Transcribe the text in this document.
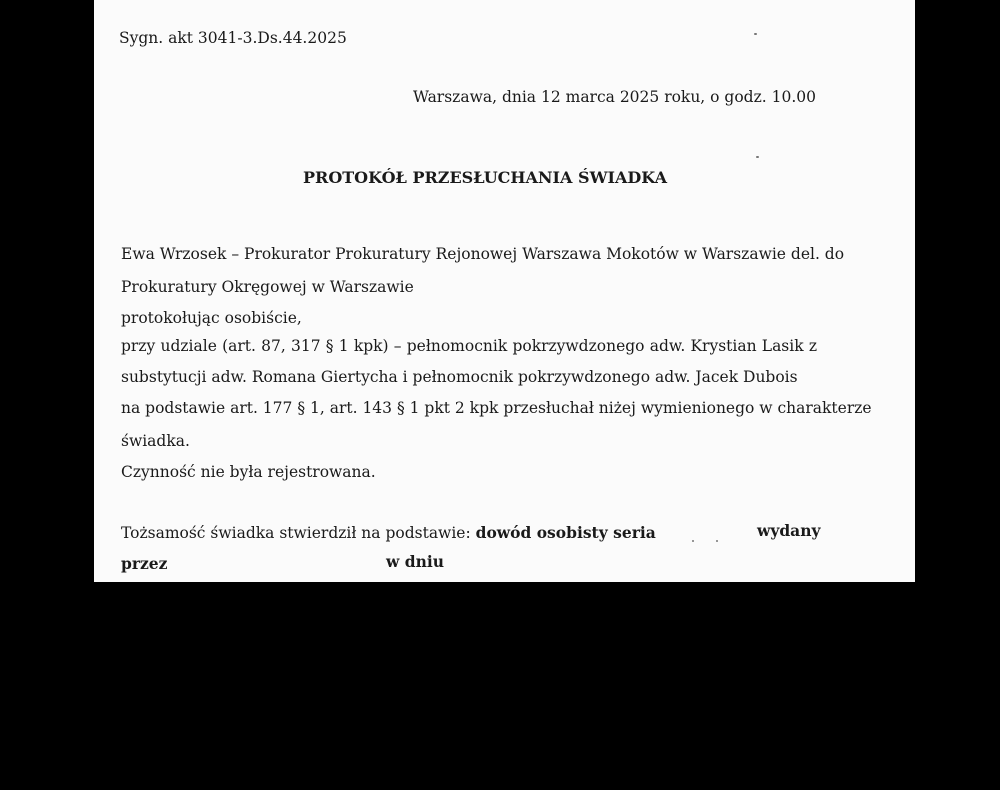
Sygn. akt 3041-3.Ds.44.2025
Warszawa, dnia 12 marca 2025 roku, o godz. 10.00
PROTOKÓŁ PRZESŁUCHANIA ŚWIADKA
Ewa Wrzosek – Prokurator Prokuratury Rejonowej Warszawa Mokotów w Warszawie del. do
Prokuratury Okręgowej w Warszawie
protokołując osobiście,
przy udziale (art. 87, 317 § 1 kpk) – pełnomocnik pokrzywdzonego adw. Krystian Lasik z
substytucji adw. Romana Giertycha i pełnomocnik pokrzywdzonego adw. Jacek Dubois
na podstawie art. 177 § 1, art. 143 § 1 pkt 2 kpk przesłuchał niżej wymienionego w charakterze
świadka.
Czynność nie była rejestrowana.
Tożsamość świadka stwierdził na podstawie: dowód osobisty seria	wydany
przez	w dniu
